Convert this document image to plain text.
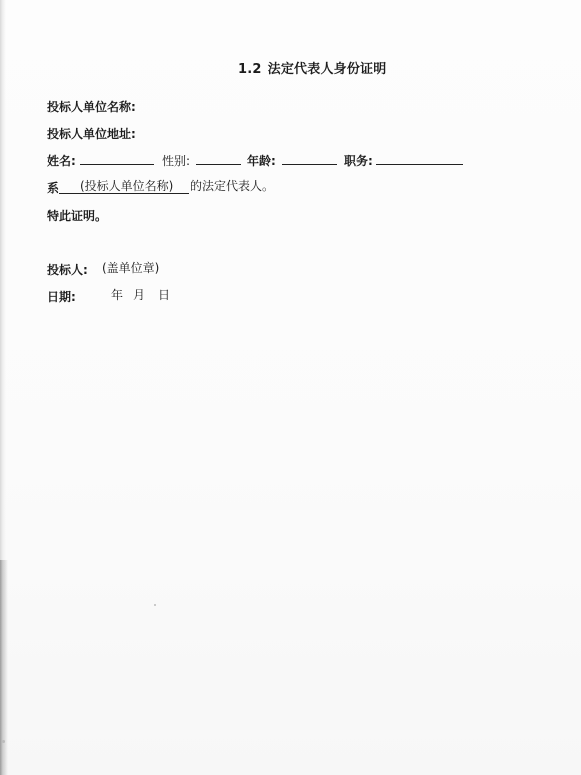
1.2 法定代表人身份证明
投标人单位名称:
投标人单位地址:
姓名:	性别:	年龄:	职务:
系 (投标人单位名称) 的法定代表人。
特此证明。
投标人: (盖单位章)
日期:	年 月 日
